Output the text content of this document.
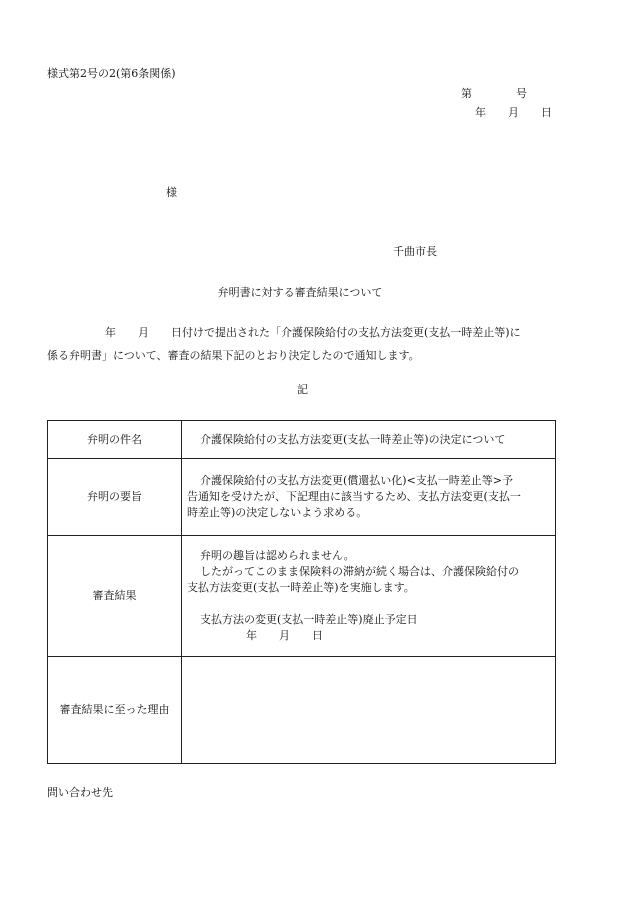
様式第2号の2(第6条関係)
第　　　　号
年　　月　　日
様
千曲市長
弁明書に対する審査結果について
年　　月　　日付けで提出された「介護保険給付の支払方法変更(支払一時差止等)に
係る弁明書」について、審査の結果下記のとおり決定したので通知します。
記
弁明の件名	介護保険給付の支払方法変更(支払一時差止等)の決定について

弁明の要旨	介護保険給付の支払方法変更(償還払い化)<支払一時差止等>予
告通知を受けたが、下記理由に該当するため、支払方法変更(支払一
時差止等)の決定しないよう求める。

審査結果	弁明の趣旨は認められません。
したがってこのまま保険料の滞納が続く場合は、介護保険給付の
支払方法変更(支払一時差止等)を実施します。
支払方法の変更(支払一時差止等)廃止予定日
年　　月　　日

審査結果に至った理由	
問い合わせ先
